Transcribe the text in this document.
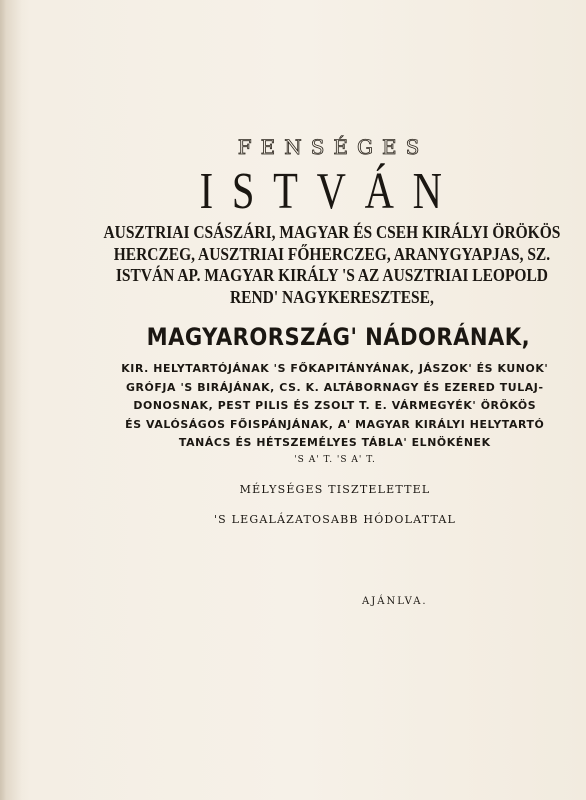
FENSÉGES
ISTVÁN
AUSZTRIAI CSÁSZÁRI, MAGYAR ÉS CSEH KIRÁLYI ÖRÖKÖS
HERCZEG, AUSZTRIAI FŐHERCZEG, ARANYGYAPJAS, SZ.
ISTVÁN AP. MAGYAR KIRÁLY 'S AZ AUSZTRIAI LEOPOLD
REND' NAGYKERESZTESE,
MAGYARORSZÁG' NÁDORÁNAK,
KIR. HELYTARTÓJÁNAK 'S FŐKAPITÁNYÁNAK, JÁSZOK' ÉS KUNOK'
GRÓFJA 'S BIRÁJÁNAK, CS. K. ALTÁBORNAGY ÉS EZERED TULAJ-
DONOSNAK, PEST PILIS ÉS ZSOLT T. E. VÁRMEGYÉK' ÖRÖKÖS
ÉS VALÓSÁGOS FŐISPÁNJÁNAK, A' MAGYAR KIRÁLYI HELYTARTÓ
TANÁCS ÉS HÉTSZEMÉLYES TÁBLA' ELNÖKÉNEK
'S A' T. 'S A' T.
MÉLYSÉGES TISZTELETTEL
'S LEGALÁZATOSABB HÓDOLATTAL
AJÁNLVA.
